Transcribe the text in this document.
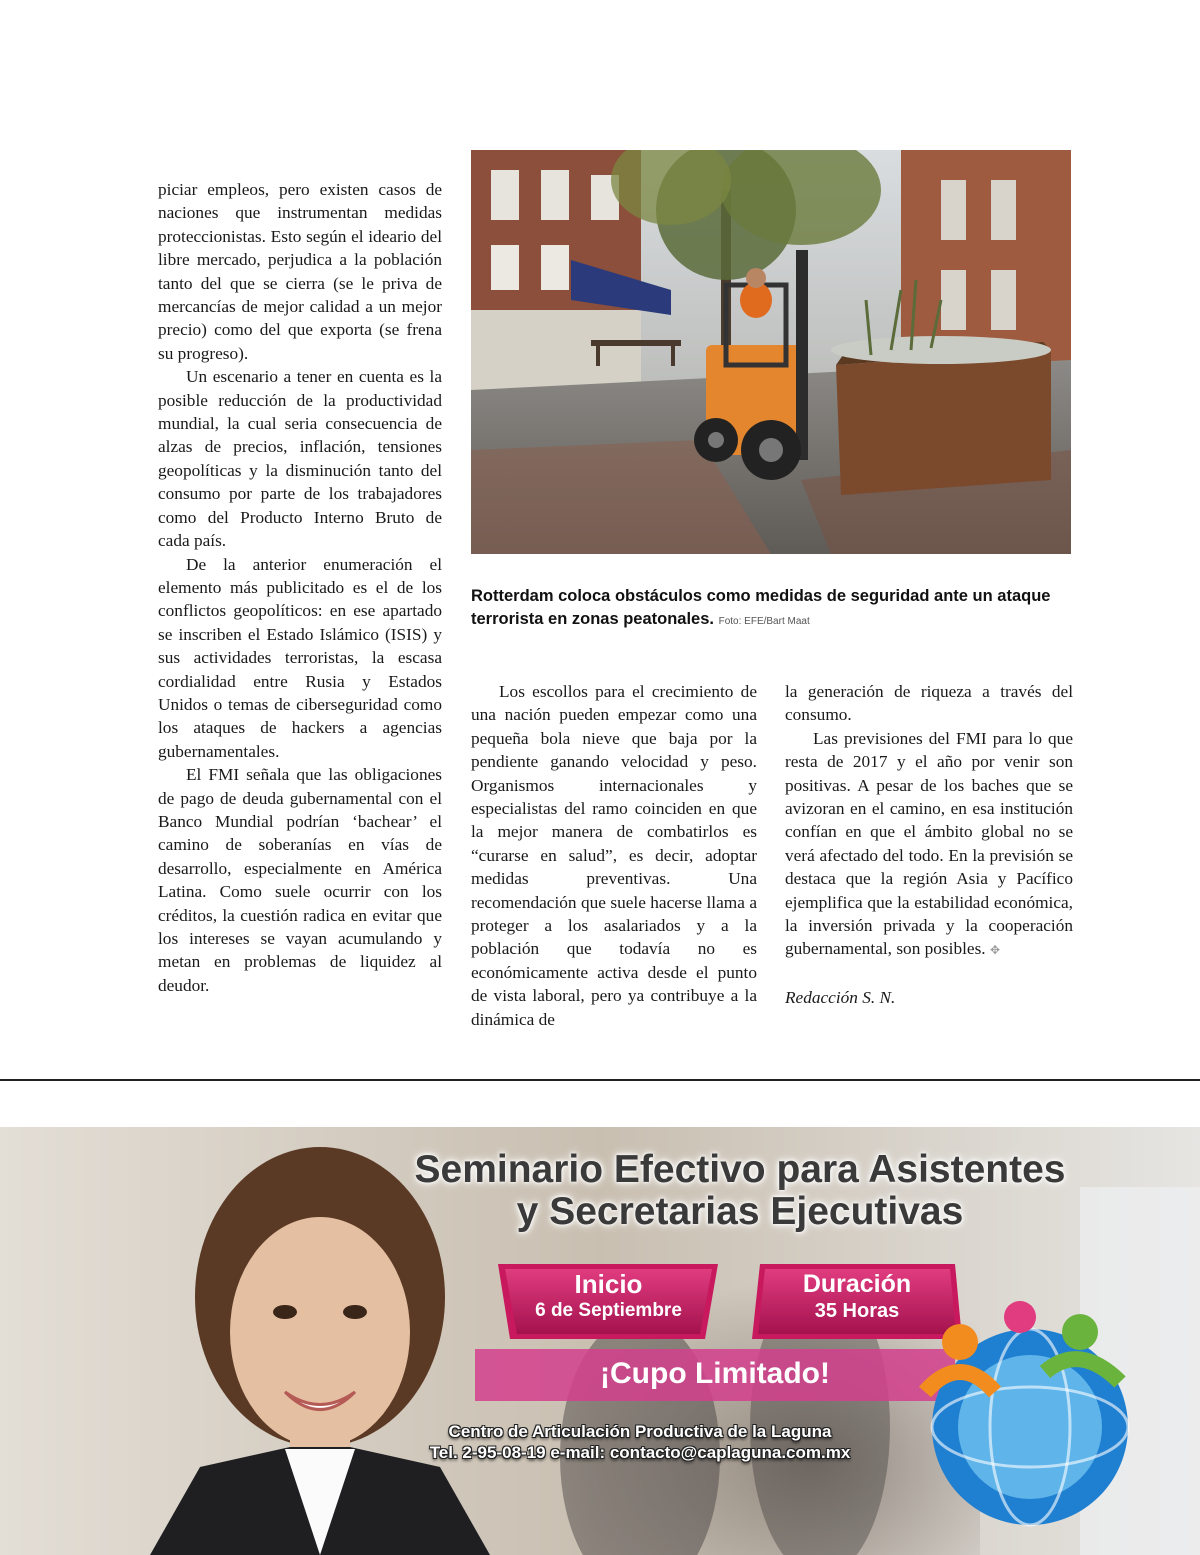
piciar empleos, pero existen casos de naciones que instrumentan medidas proteccionistas. Esto según el ideario del libre mercado, perjudica a la población tanto del que se cierra (se le priva de mercancías de mejor calidad a un mejor precio) como del que exporta (se frena su progreso).

Un escenario a tener en cuenta es la posible reducción de la productividad mundial, la cual seria consecuencia de alzas de precios, inflación, tensiones geopolíticas y la disminución tanto del consumo por parte de los trabajadores como del Producto Interno Bruto de cada país.

De la anterior enumeración el elemento más publicitado es el de los conflictos geopolíticos: en ese apartado se inscriben el Estado Islámico (ISIS) y sus actividades terroristas, la escasa cordialidad entre Rusia y Estados Unidos o temas de ciberseguridad como los ataques de hackers a agencias gubernamentales.

El FMI señala que las obligaciones de pago de deuda gubernamental con el Banco Mundial podrían ‘bachear’ el camino de soberanías en vías de desarrollo, especialmente en América Latina. Como suele ocurrir con los créditos, la cuestión radica en evitar que los intereses se vayan acumulando y metan en problemas de liquidez al deudor.

Rotterdam coloca obstáculos como medidas de seguridad ante un ataque terrorista en zonas peatonales. Foto: EFE/Bart Maat

Los escollos para el crecimiento de una nación pueden empezar como una pequeña bola nieve que baja por la pendiente ganando velocidad y peso. Organismos internacionales y especialistas del ramo coinciden en que la mejor manera de combatirlos es “curarse en salud”, es decir, adoptar medidas preventivas. Una recomendación que suele hacerse llama a proteger a los asalariados y a la población que todavía no es económicamente activa desde el punto de vista laboral, pero ya contribuye a la dinámica de

la generación de riqueza a través del consumo.

Las previsiones del FMI para lo que resta de 2017 y el año por venir son positivas. A pesar de los baches que se avizoran en el camino, en esa institución confían en que el ámbito global no se verá afectado del todo. En la previsión se destaca que la región Asia y Pacífico ejemplifica que la estabilidad económica, la inversión privada y la cooperación gubernamental, son posibles. ✥

Redacción S. N.

Seminario Efectivo para Asistentes
y Secretarias Ejecutivas
Inicio
6 de Septiembre
Duración
35 Horas
¡Cupo Limitado!
Centro de Articulación Productiva de la Laguna
Tel. 2-95-08-19 e-mail: contacto@caplaguna.com.mx
